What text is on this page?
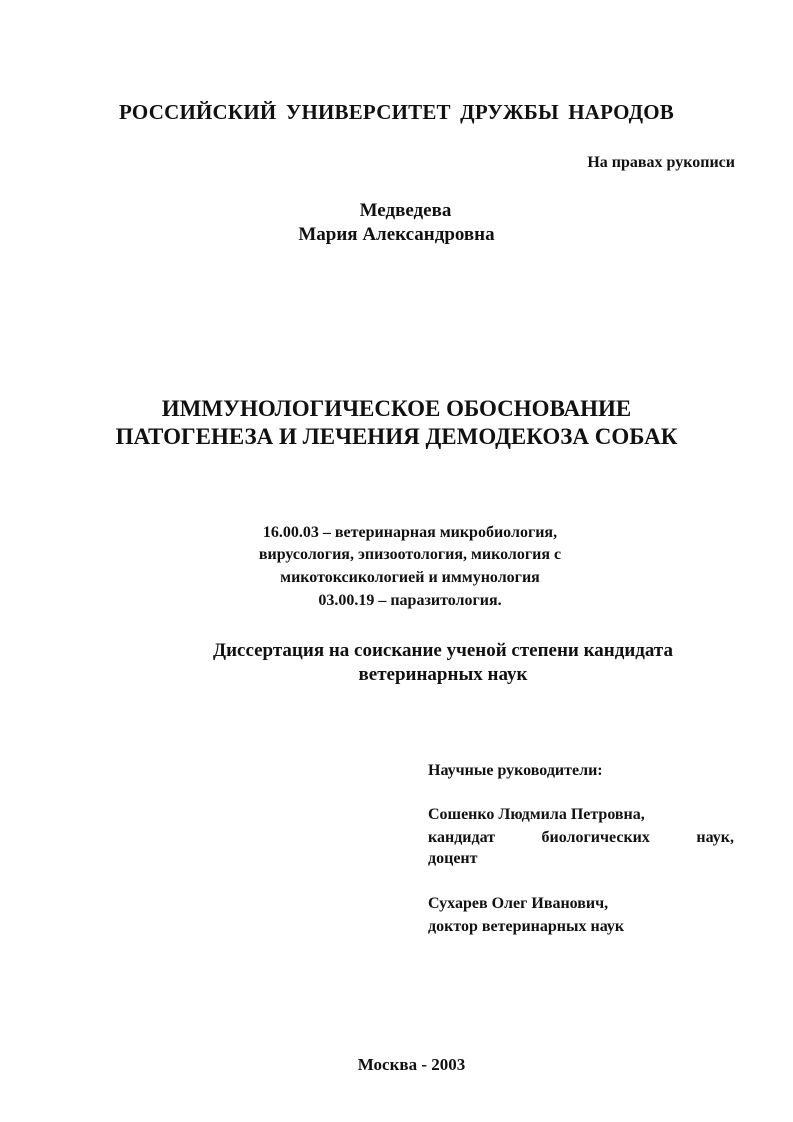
РОССИЙСКИЙ УНИВЕРСИТЕТ ДРУЖБЫ НАРОДОВ
На правах рукописи
Медведева
Мария Александровна
ИММУНОЛОГИЧЕСКОЕ ОБОСНОВАНИЕ
ПАТОГЕНЕЗА И ЛЕЧЕНИЯ ДЕМОДЕКОЗА СОБАК
16.00.03 – ветеринарная микробиология,
вирусология, эпизоотология, микология с
микотоксикологией и иммунология
03.00.19 – паразитология.
Диссертация на соискание ученой степени кандидата
ветеринарных наук
Научные руководители:
Сошенко Людмила Петровна,
кандидат	биологических	наук,
доцент
Сухарев Олег Иванович,
доктор ветеринарных наук
Москва - 2003
